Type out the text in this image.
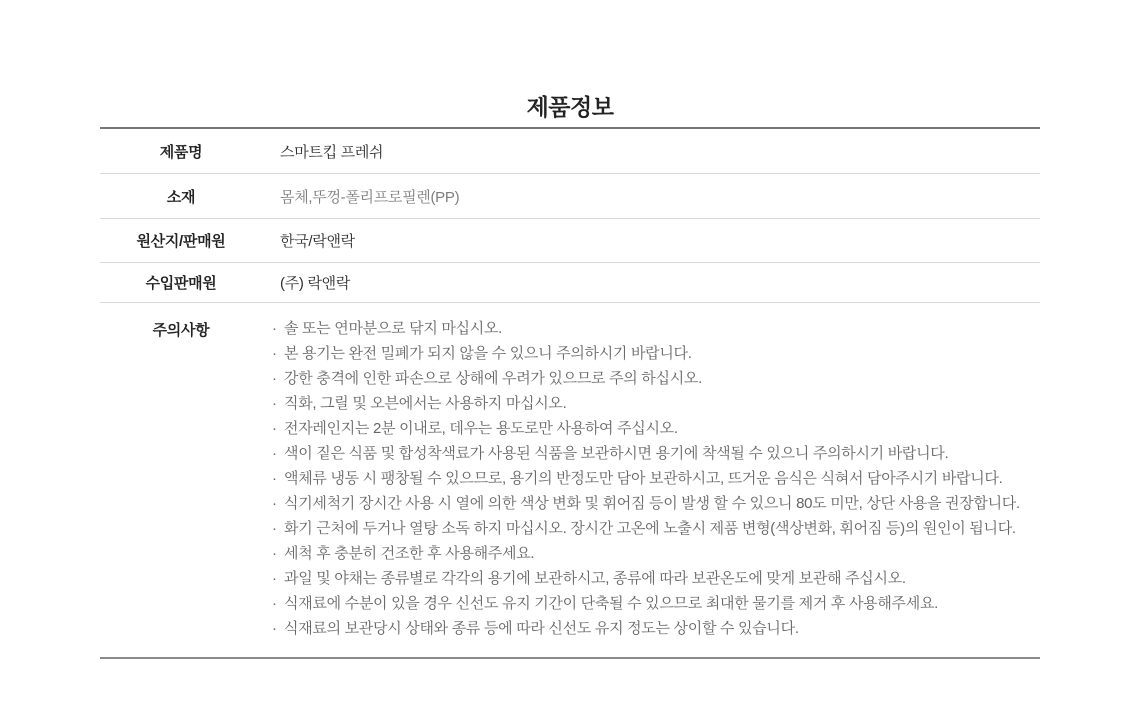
제품정보
제품명	스마트킵 프레쉬
소재	몸체,뚜껑-폴리프로필렌(PP)
원산지/판매원	한국/락앤락
수입판매원	(주) 락앤락
주의사항	· 솔 또는 연마분으로 닦지 마십시오.
· 본 용기는 완전 밀폐가 되지 않을 수 있으니 주의하시기 바랍니다.
· 강한 충격에 인한 파손으로 상해에 우려가 있으므로 주의 하십시오.
· 직화, 그릴 및 오븐에서는 사용하지 마십시오.
· 전자레인지는 2분 이내로, 데우는 용도로만 사용하여 주십시오.
· 색이 짙은 식품 및 합성착색료가 사용된 식품을 보관하시면 용기에 착색될 수 있으니 주의하시기 바랍니다.
· 액체류 냉동 시 팽창될 수 있으므로, 용기의 반정도만 담아 보관하시고, 뜨거운 음식은 식혀서 담아주시기 바랍니다.
· 식기세척기 장시간 사용 시 열에 의한 색상 변화 및 휘어짐 등이 발생 할 수 있으니 80도 미만, 상단 사용을 권장합니다.
· 화기 근처에 두거나 열탕 소독 하지 마십시오. 장시간 고온에 노출시 제품 변형(색상변화, 휘어짐 등)의 원인이 됩니다.
· 세척 후 충분히 건조한 후 사용해주세요.
· 과일 및 야채는 종류별로 각각의 용기에 보관하시고, 종류에 따라 보관온도에 맞게 보관해 주십시오.
· 식재료에 수분이 있을 경우 신선도 유지 기간이 단축될 수 있으므로 최대한 물기를 제거 후 사용해주세요.
· 식재료의 보관당시 상태와 종류 등에 따라 신선도 유지 정도는 상이할 수 있습니다.
